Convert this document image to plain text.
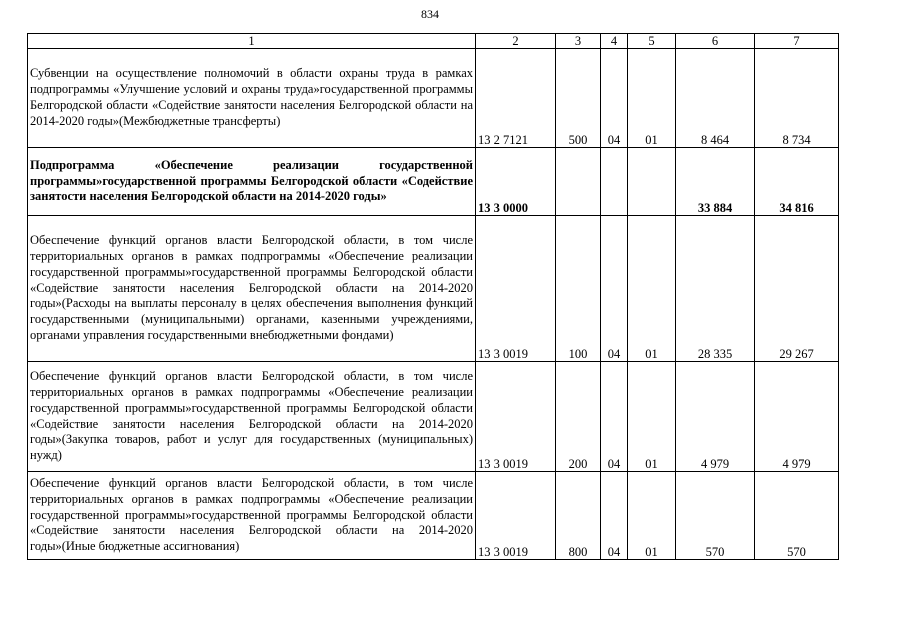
834
1	2	3	4	5	6	7
Субвенции на осуществление полномочий в области охраны труда в рамках подпрограммы «Улучшение условий и охраны труда»государственной программы Белгородской области «Содействие занятости населения Белгородской области на 2014-2020 годы»(Межбюджетные трансферты)	13 2 7121	500	04	01	8 464	8 734
Подпрограмма «Обеспечение реализации государственной программы»государственной программы Белгородской области «Содействие занятости населения Белгородской области на 2014-2020 годы»	13 3 0000				33 884	34 816
Обеспечение функций органов власти Белгородской области, в том числе территориальных органов в рамках подпрограммы «Обеспечение реализации государственной программы»государственной программы Белгородской области «Содействие занятости населения Белгородской области на 2014-2020 годы»(Расходы на выплаты персоналу в целях обеспечения выполнения функций государственными (муниципальными) органами, казенными учреждениями, органами управления государственными внебюджетными фондами)	13 3 0019	100	04	01	28 335	29 267
Обеспечение функций органов власти Белгородской области, в том числе территориальных органов в рамках подпрограммы «Обеспечение реализации государственной программы»государственной программы Белгородской области «Содействие занятости населения Белгородской области на 2014-2020 годы»(Закупка товаров, работ и услуг для государственных (муниципальных) нужд)	13 3 0019	200	04	01	4 979	4 979
Обеспечение функций органов власти Белгородской области, в том числе территориальных органов в рамках подпрограммы «Обеспечение реализации государственной программы»государственной программы Белгородской области «Содействие занятости населения Белгородской области на 2014-2020 годы»(Иные бюджетные ассигнования)	13 3 0019	800	04	01	570	570
